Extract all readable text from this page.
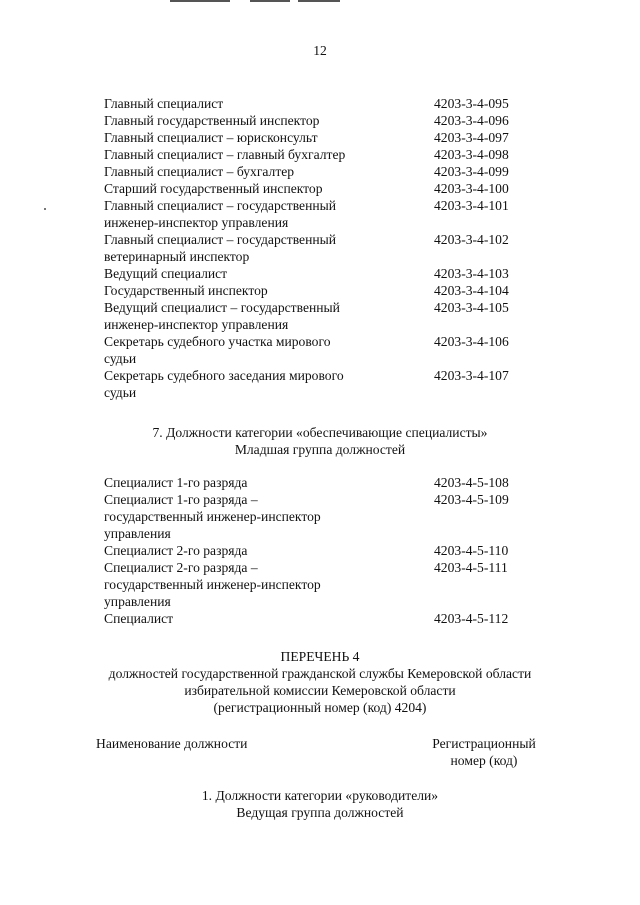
12
Главный специалист	4203-3-4-095
Главный государственный инспектор	4203-3-4-096
Главный специалист – юрисконсульт	4203-3-4-097
Главный специалист – главный бухгалтер	4203-3-4-098
Главный специалист – бухгалтер	4203-3-4-099
Старший государственный инспектор	4203-3-4-100
Главный специалист – государственный
инженер-инспектор управления
4203-3-4-101
Главный специалист – государственный
ветеринарный инспектор
4203-3-4-102
Ведущий специалист	4203-3-4-103
Государственный инспектор	4203-3-4-104
Ведущий специалист – государственный
инженер-инспектор управления
4203-3-4-105
Секретарь судебного участка мирового
судьи
4203-3-4-106
Секретарь судебного заседания мирового
судьи
4203-3-4-107
7. Должности категории «обеспечивающие специалисты»
Младшая группа должностей
Специалист 1-го разряда	4203-4-5-108
Специалист 1-го разряда –
государственный инженер-инспектор
управления
4203-4-5-109
Специалист 2-го разряда	4203-4-5-110
Специалист 2-го разряда –
государственный инженер-инспектор
управления
4203-4-5-111
Специалист	4203-4-5-112
ПЕРЕЧЕНЬ 4
должностей государственной гражданской службы Кемеровской области
избирательной комиссии Кемеровской области
(регистрационный номер (код) 4204)
Наименование должности	Регистрационный
номер (код)
1. Должности категории «руководители»
Ведущая группа должностей
